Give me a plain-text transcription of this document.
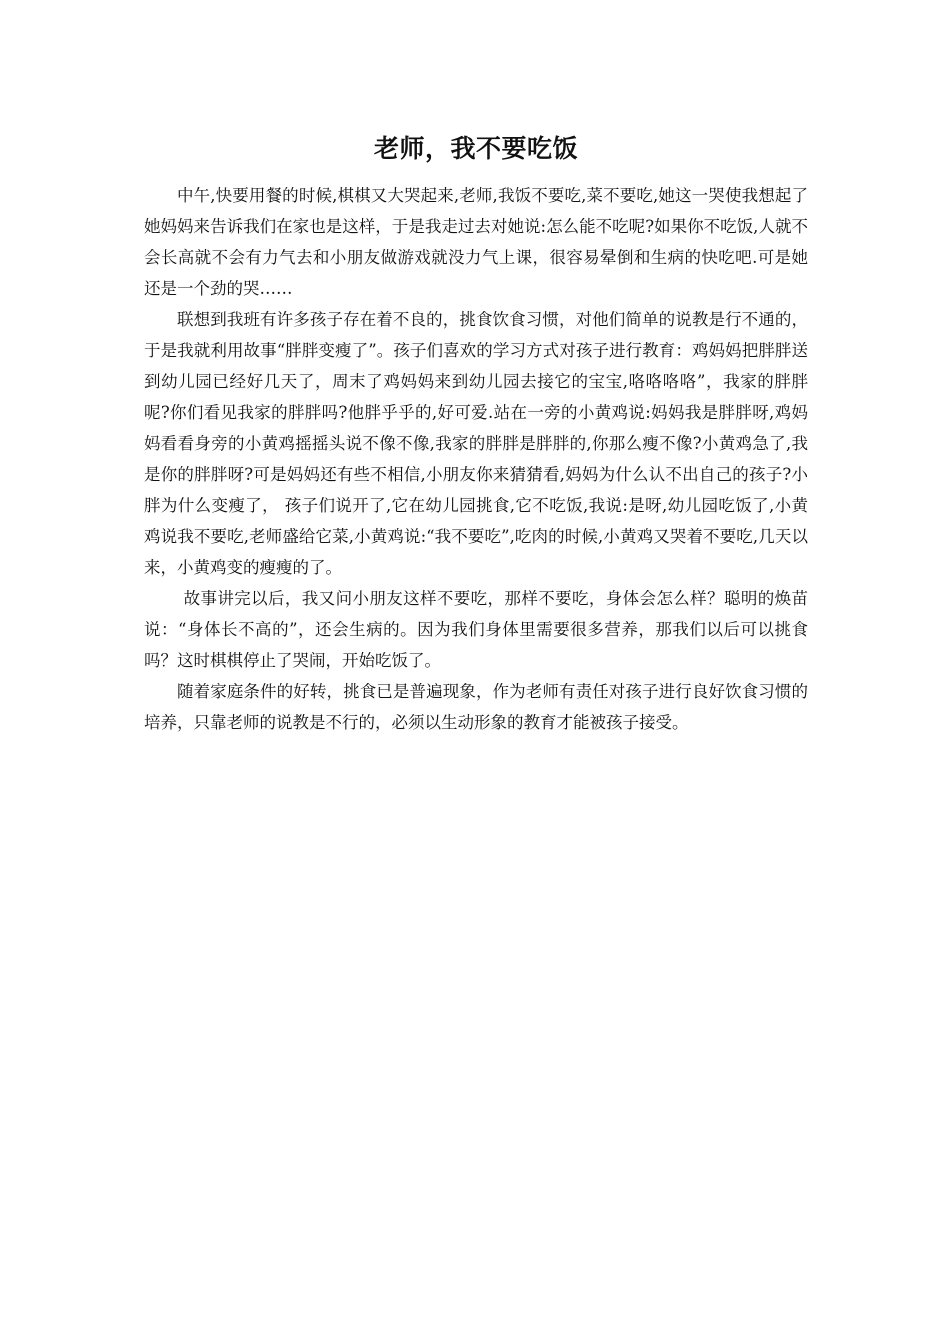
老师，我不要吃饭

中午,快要用餐的时候,棋棋又大哭起来,老师,我饭不要吃,菜不要吃,她这一哭使我想起了她妈妈来告诉我们在家也是这样，于是我走过去对她说:怎么能不吃呢?如果你不吃饭,人就不会长高就不会有力气去和小朋友做游戏就没力气上课，很容易晕倒和生病的快吃吧.可是她还是一个劲的哭……

联想到我班有许多孩子存在着不良的，挑食饮食习惯，对他们简单的说教是行不通的，于是我就利用故事“胖胖变瘦了”。孩子们喜欢的学习方式对孩子进行教育：鸡妈妈把胖胖送到幼儿园已经好几天了，周末了鸡妈妈来到幼儿园去接它的宝宝,咯咯咯咯”，我家的胖胖呢?你们看见我家的胖胖吗?他胖乎乎的,好可爱.站在一旁的小黄鸡说:妈妈我是胖胖呀,鸡妈妈看看身旁的小黄鸡摇摇头说不像不像,我家的胖胖是胖胖的,你那么瘦不像?小黄鸡急了,我是你的胖胖呀?可是妈妈还有些不相信,小朋友你来猜猜看,妈妈为什么认不出自己的孩子?小胖为什么变瘦了， 孩子们说开了,它在幼儿园挑食,它不吃饭,我说:是呀,幼儿园吃饭了,小黄鸡说我不要吃,老师盛给它菜,小黄鸡说:“我不要吃”,吃肉的时候,小黄鸡又哭着不要吃,几天以来，小黄鸡变的瘦瘦的了。

故事讲完以后，我又问小朋友这样不要吃，那样不要吃，身体会怎么样？聪明的焕苗说：“身体长不高的”，还会生病的。因为我们身体里需要很多营养，那我们以后可以挑食吗？这时棋棋停止了哭闹，开始吃饭了。

随着家庭条件的好转，挑食已是普遍现象，作为老师有责任对孩子进行良好饮食习惯的培养，只靠老师的说教是不行的，必须以生动形象的教育才能被孩子接受。
